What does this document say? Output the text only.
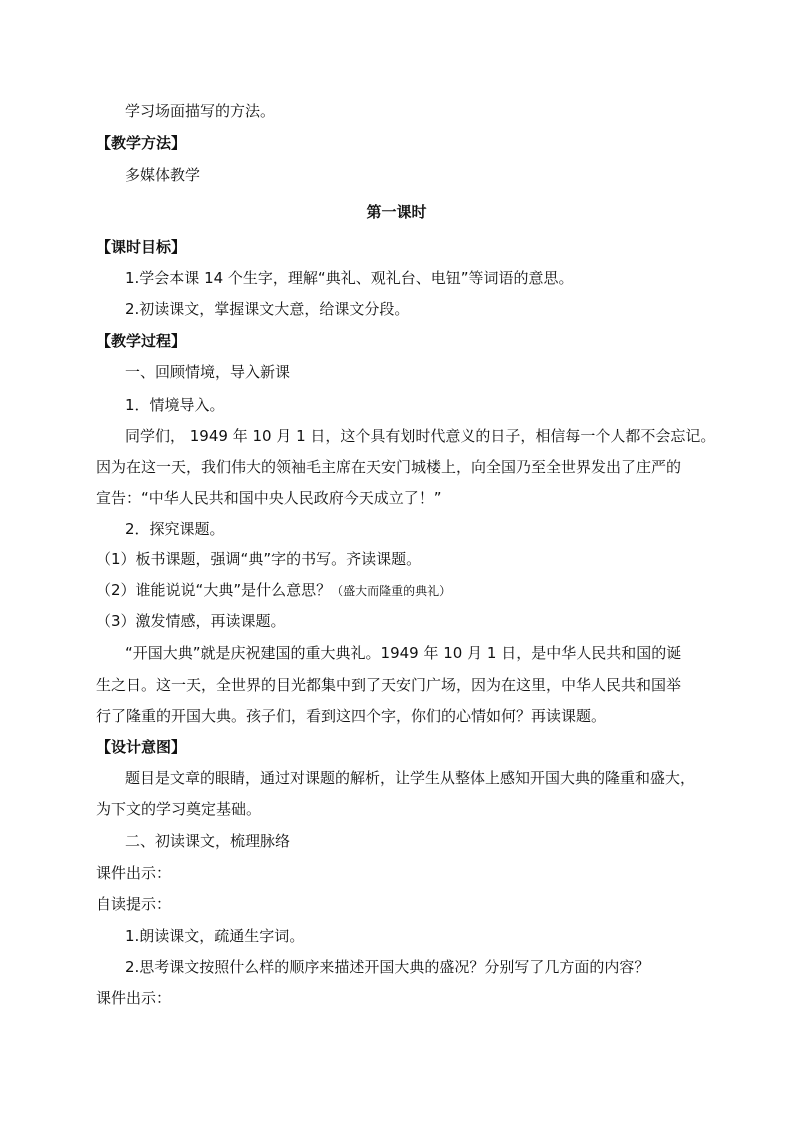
学习场面描写的方法。
【教学方法】
多媒体教学
第一课时
【课时目标】
1.学会本课 14 个生字，理解“典礼、观礼台、电钮”等词语的意思。
2.初读课文，掌握课文大意，给课文分段。
【教学过程】
一、回顾情境，导入新课
1．情境导入。
同学们， 1949 年 10 月 1 日，这个具有划时代意义的日子，相信每一个人都不会忘记。
因为在这一天，我们伟大的领袖毛主席在天安门城楼上，向全国乃至全世界发出了庄严的
宣告：“中华人民共和国中央人民政府今天成立了！”
2．探究课题。
（1）板书课题，强调“典”字的书写。齐读课题。
（2）谁能说说“大典”是什么意思？（盛大而隆重的典礼）
（3）激发情感，再读课题。
“开国大典”就是庆祝建国的重大典礼。1949 年 10 月 1 日，是中华人民共和国的诞
生之日。这一天，全世界的目光都集中到了天安门广场，因为在这里，中华人民共和国举
行了隆重的开国大典。孩子们，看到这四个字，你们的心情如何？再读课题。
【设计意图】
题目是文章的眼睛，通过对课题的解析，让学生从整体上感知开国大典的隆重和盛大，
为下文的学习奠定基础。
二、初读课文，梳理脉络
课件出示：
自读提示：
1.朗读课文，疏通生字词。
2.思考课文按照什么样的顺序来描述开国大典的盛况？分别写了几方面的内容？
课件出示：
